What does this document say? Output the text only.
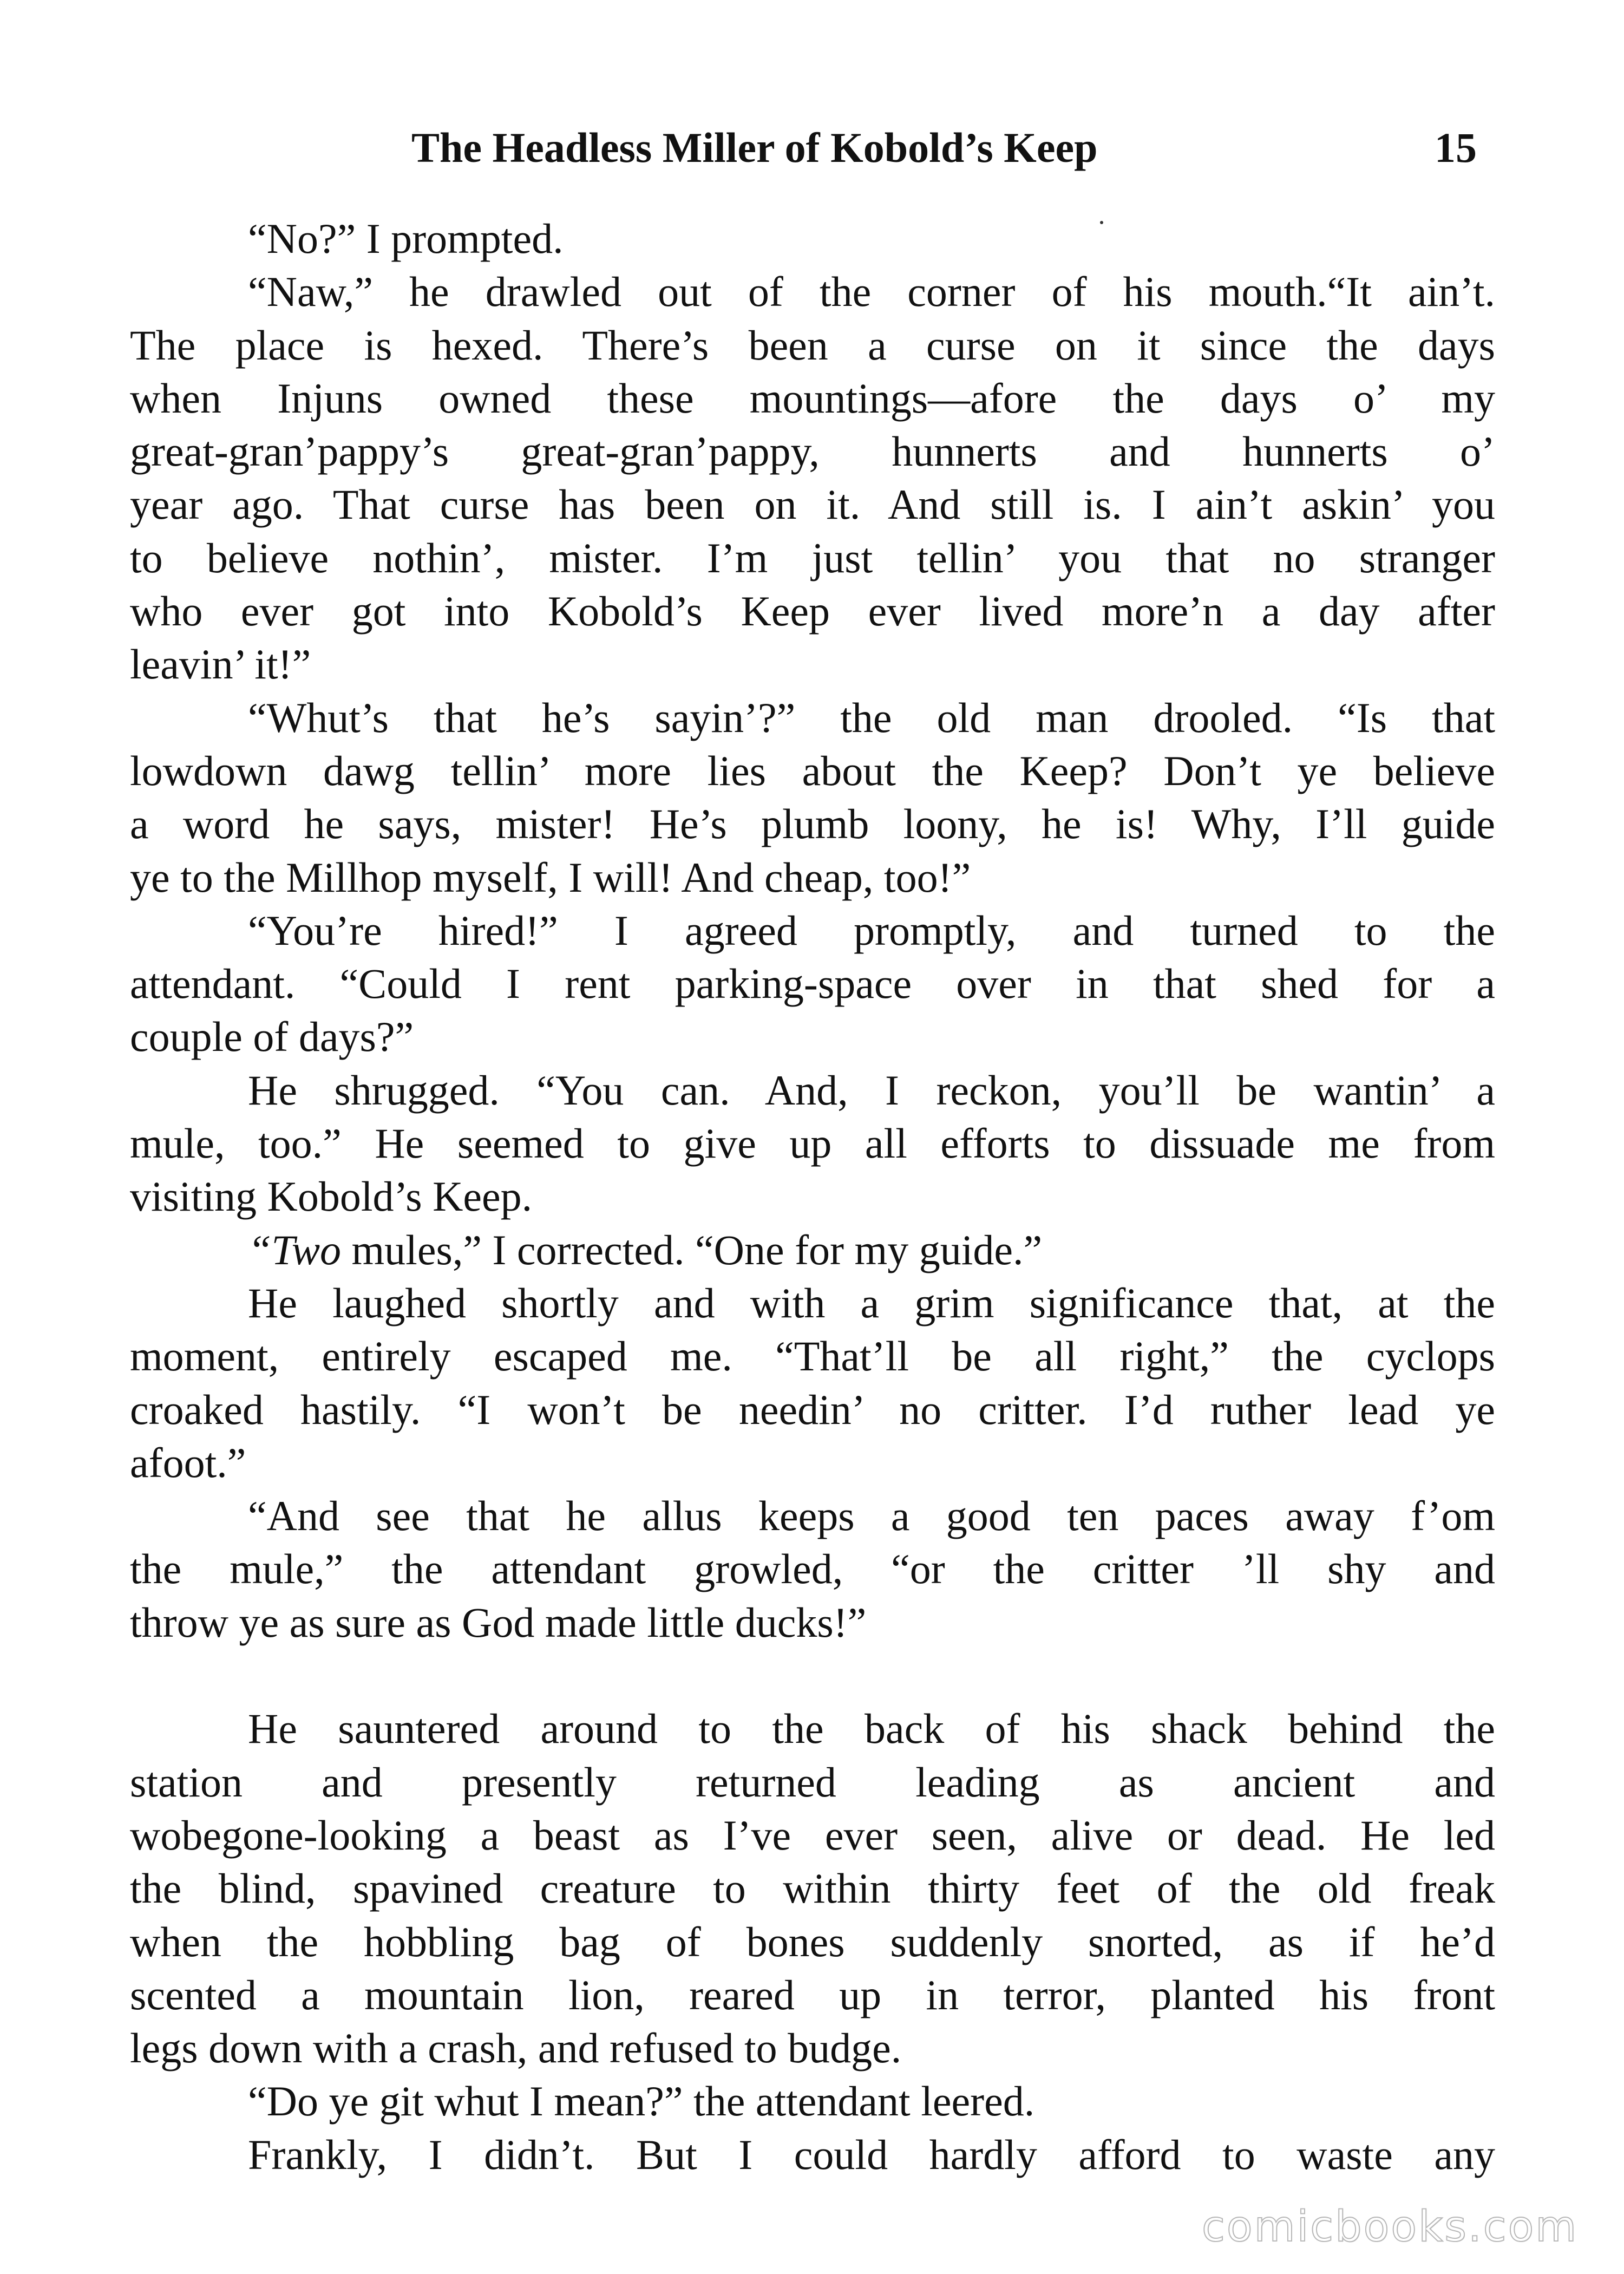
The Headless Miller of Kobold’s Keep	15
“No?” I prompted.
“Naw,” he drawled out of the corner of his mouth.“It ain’t.
The place is hexed. There’s been a curse on it since the days
when Injuns owned these mountings—afore the days o’ my
great-gran’pappy’s great-gran’pappy, hunnerts and hunnerts o’
year ago. That curse has been on it. And still is. I ain’t askin’ you
to believe nothin’, mister. I’m just tellin’ you that no stranger
who ever got into Kobold’s Keep ever lived more’n a day after
leavin’ it!”
“Whut’s that he’s sayin’?” the old man drooled. “Is that
lowdown dawg tellin’ more lies about the Keep? Don’t ye believe
a word he says, mister! He’s plumb loony, he is! Why, I’ll guide
ye to the Millhop myself, I will! And cheap, too!”
“You’re hired!” I agreed promptly, and turned to the
attendant. “Could I rent parking-space over in that shed for a
couple of days?”
He shrugged. “You can. And, I reckon, you’ll be wantin’ a
mule, too.” He seemed to give up all efforts to dissuade me from
visiting Kobold’s Keep.
“Two mules,” I corrected. “One for my guide.”
He laughed shortly and with a grim significance that, at the
moment, entirely escaped me. “That’ll be all right,” the cyclops
croaked hastily. “I won’t be needin’ no critter. I’d ruther lead ye
afoot.”
“And see that he allus keeps a good ten paces away f’om
the mule,” the attendant growled, “or the critter ’ll shy and
throw ye as sure as God made little ducks!”
He sauntered around to the back of his shack behind the
station and presently returned leading as ancient and
wobegone-looking a beast as I’ve ever seen, alive or dead. He led
the blind, spavined creature to within thirty feet of the old freak
when the hobbling bag of bones suddenly snorted, as if he’d
scented a mountain lion, reared up in terror, planted his front
legs down with a crash, and refused to budge.
“Do ye git whut I mean?” the attendant leered.
Frankly, I didn’t. But I could hardly afford to waste any
comicbooks.com
